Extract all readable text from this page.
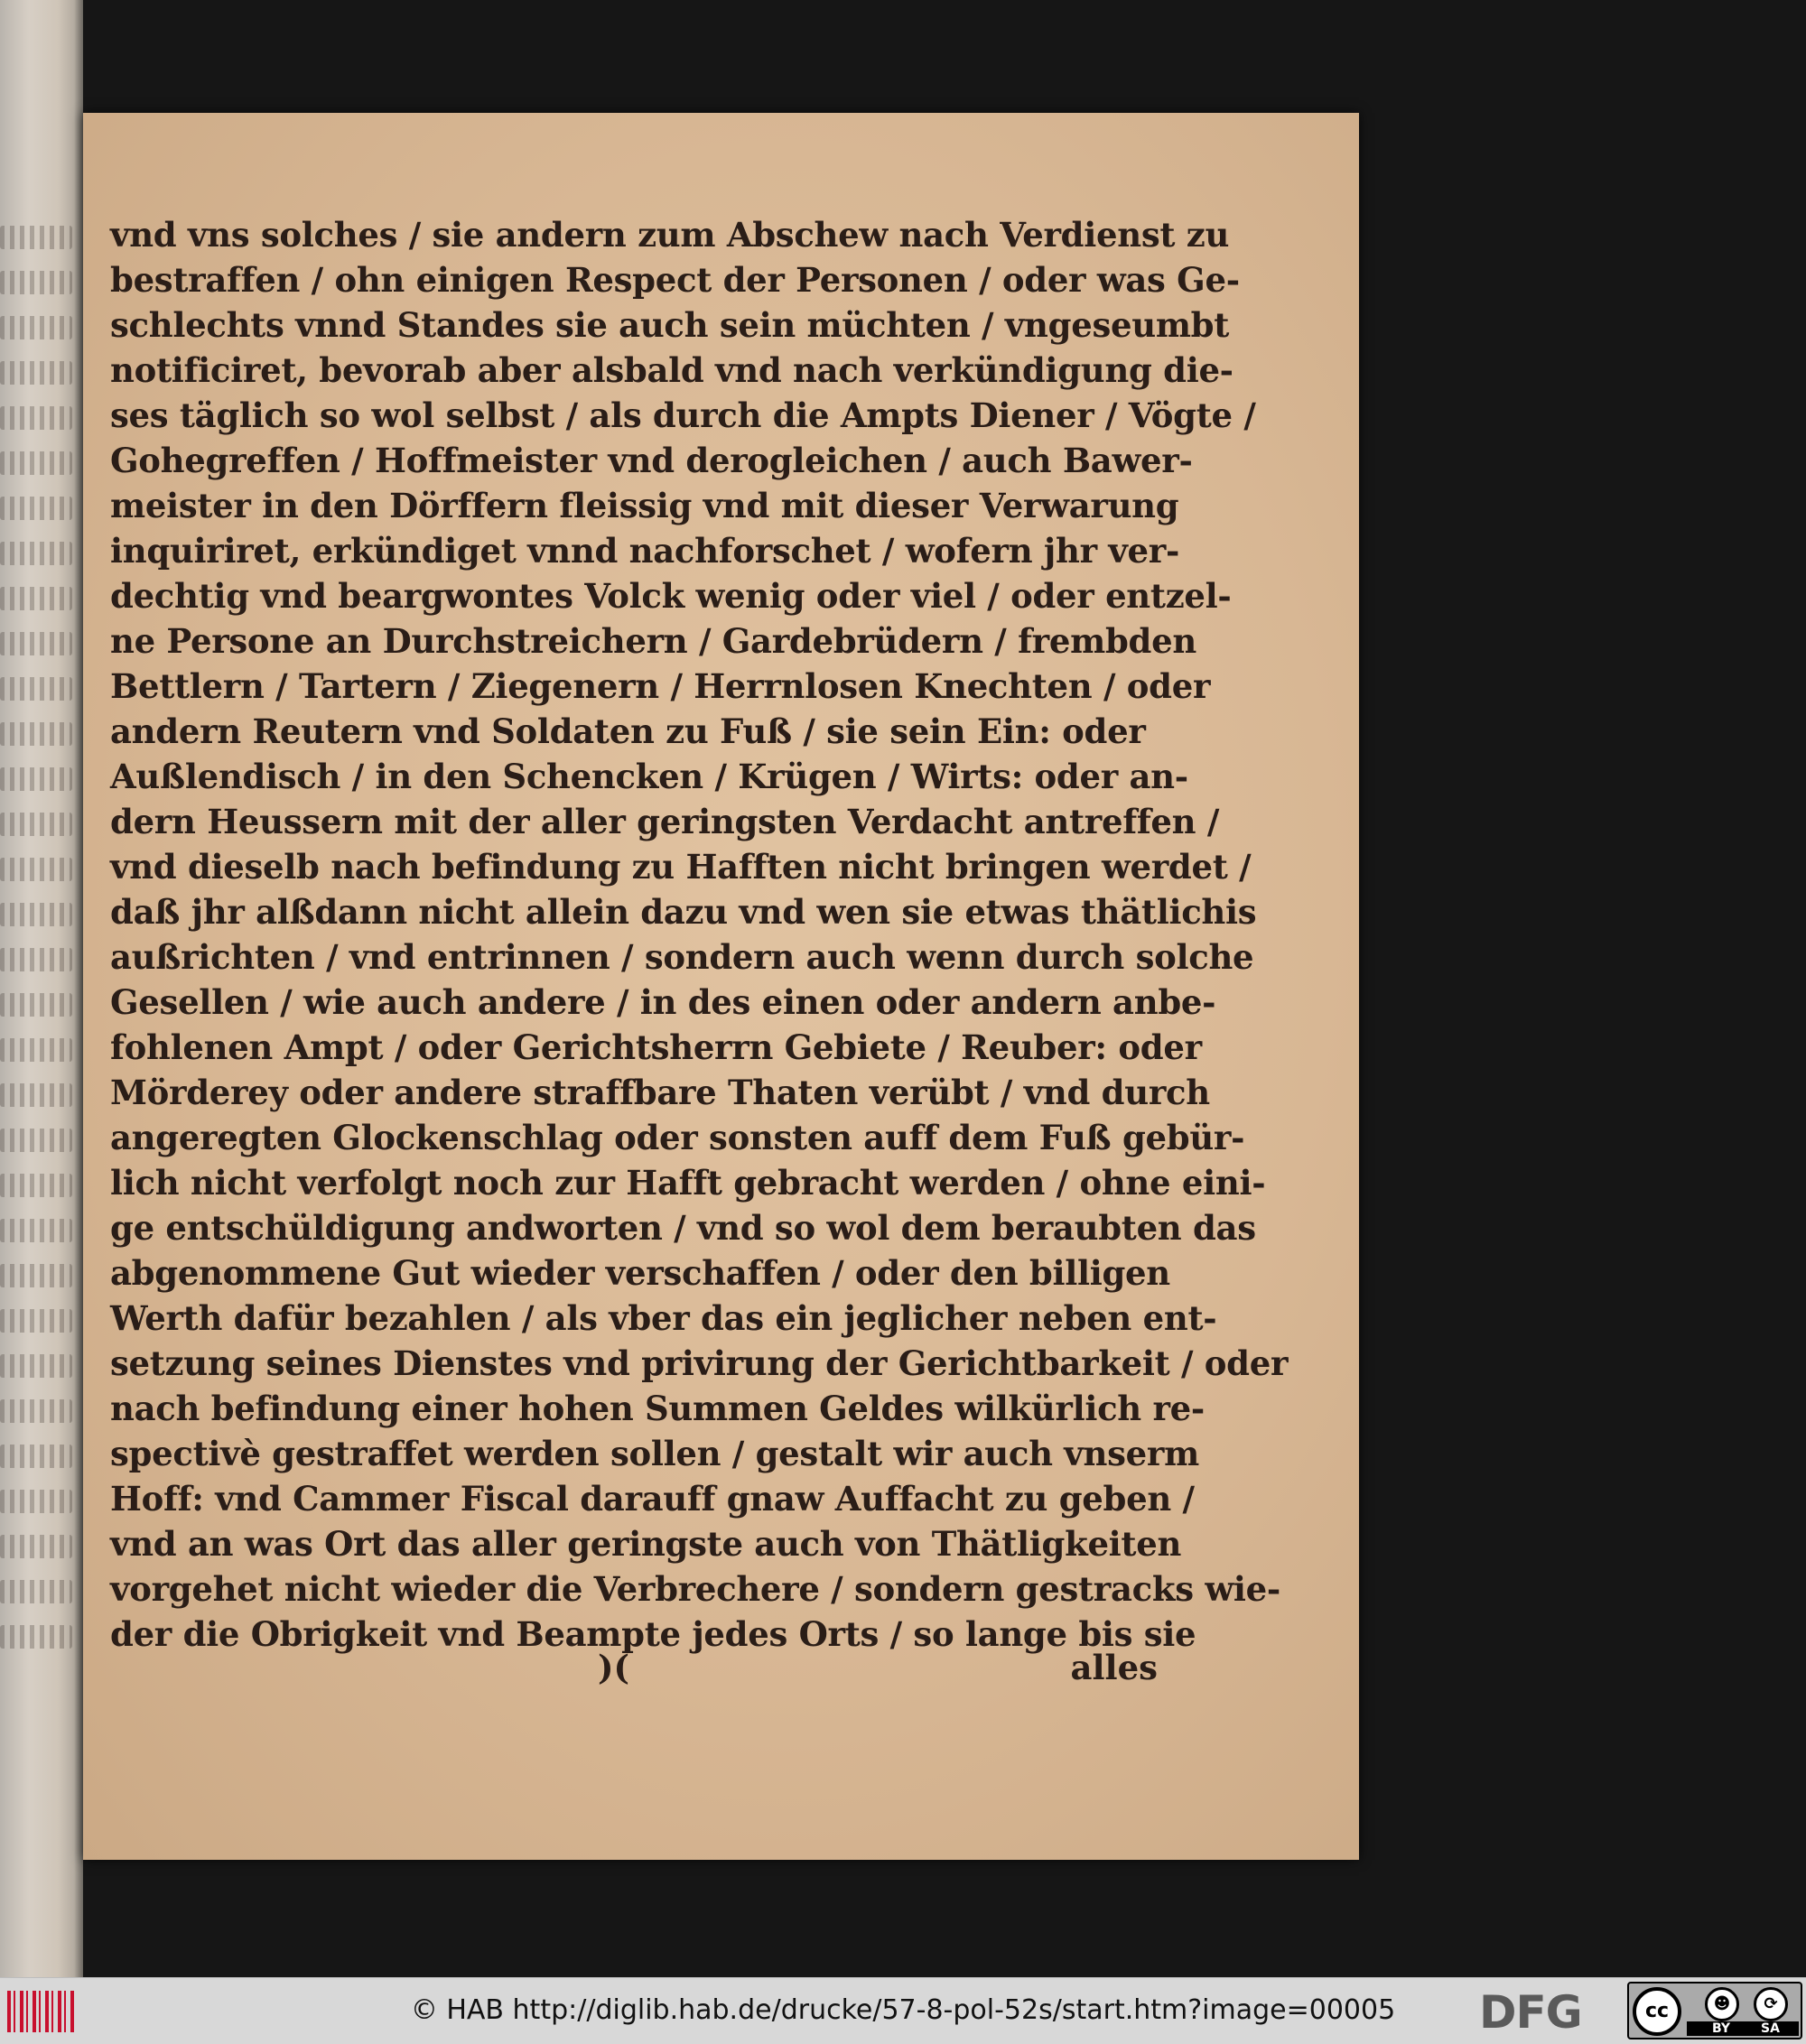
vnd vns solches / sie andern zum Abschew nach Verdienst zu
bestraffen / ohn einigen Respect der Personen / oder was Ge-
schlechts vnnd Standes sie auch sein müchten / vngeseumbt
notificiret, bevorab aber alsbald vnd nach verkündigung die-
ses täglich so wol selbst / als durch die Ampts Diener / Vögte /
Gohegreffen / Hoffmeister vnd derogleichen / auch Bawer-
meister in den Dörffern fleissig vnd mit dieser Verwarung
inquiriret, erkündiget vnnd nachforschet / wofern jhr ver-
dechtig vnd beargwontes Volck wenig oder viel / oder entzel-
ne Persone an Durchstreichern / Gardebrüdern / frembden
Bettlern / Tartern / Ziegenern / Herrnlosen Knechten / oder
andern Reutern vnd Soldaten zu Fuß / sie sein Ein: oder
Außlendisch / in den Schencken / Krügen / Wirts: oder an-
dern Heussern mit der aller geringsten Verdacht antreffen /
vnd dieselb nach befindung zu Hafften nicht bringen werdet /
daß jhr alßdann nicht allein dazu vnd wen sie etwas thätlichis
außrichten / vnd entrinnen / sondern auch wenn durch solche
Gesellen / wie auch andere / in des einen oder andern anbe-
fohlenen Ampt / oder Gerichtsherrn Gebiete / Reuber: oder
Mörderey oder andere straffbare Thaten verübt / vnd durch
angeregten Glockenschlag oder sonsten auff dem Fuß gebür-
lich nicht verfolgt noch zur Hafft gebracht werden / ohne eini-
ge entschüldigung andworten / vnd so wol dem beraubten das
abgenommene Gut wieder verschaffen / oder den billigen
Werth dafür bezahlen / als vber das ein jeglicher neben ent-
setzung seines Dienstes vnd privirung der Gerichtbarkeit / oder
nach befindung einer hohen Summen Geldes wilkürlich re-
spectivè gestraffet werden sollen / gestalt wir auch vnserm
Hoff: vnd Cammer Fiscal darauff gnaw Auffacht zu geben /
vnd an was Ort das aller geringste auch von Thätligkeiten
vorgehet nicht wieder die Verbrechere / sondern gestracks wie-
der die Obrigkeit vnd Beampte jedes Orts / so lange bis sie
)(	alles
© HAB http://diglib.hab.de/drucke/57-8-pol-52s/start.htm?image=00005	DFG	cc	☻	⟳
BY SA
